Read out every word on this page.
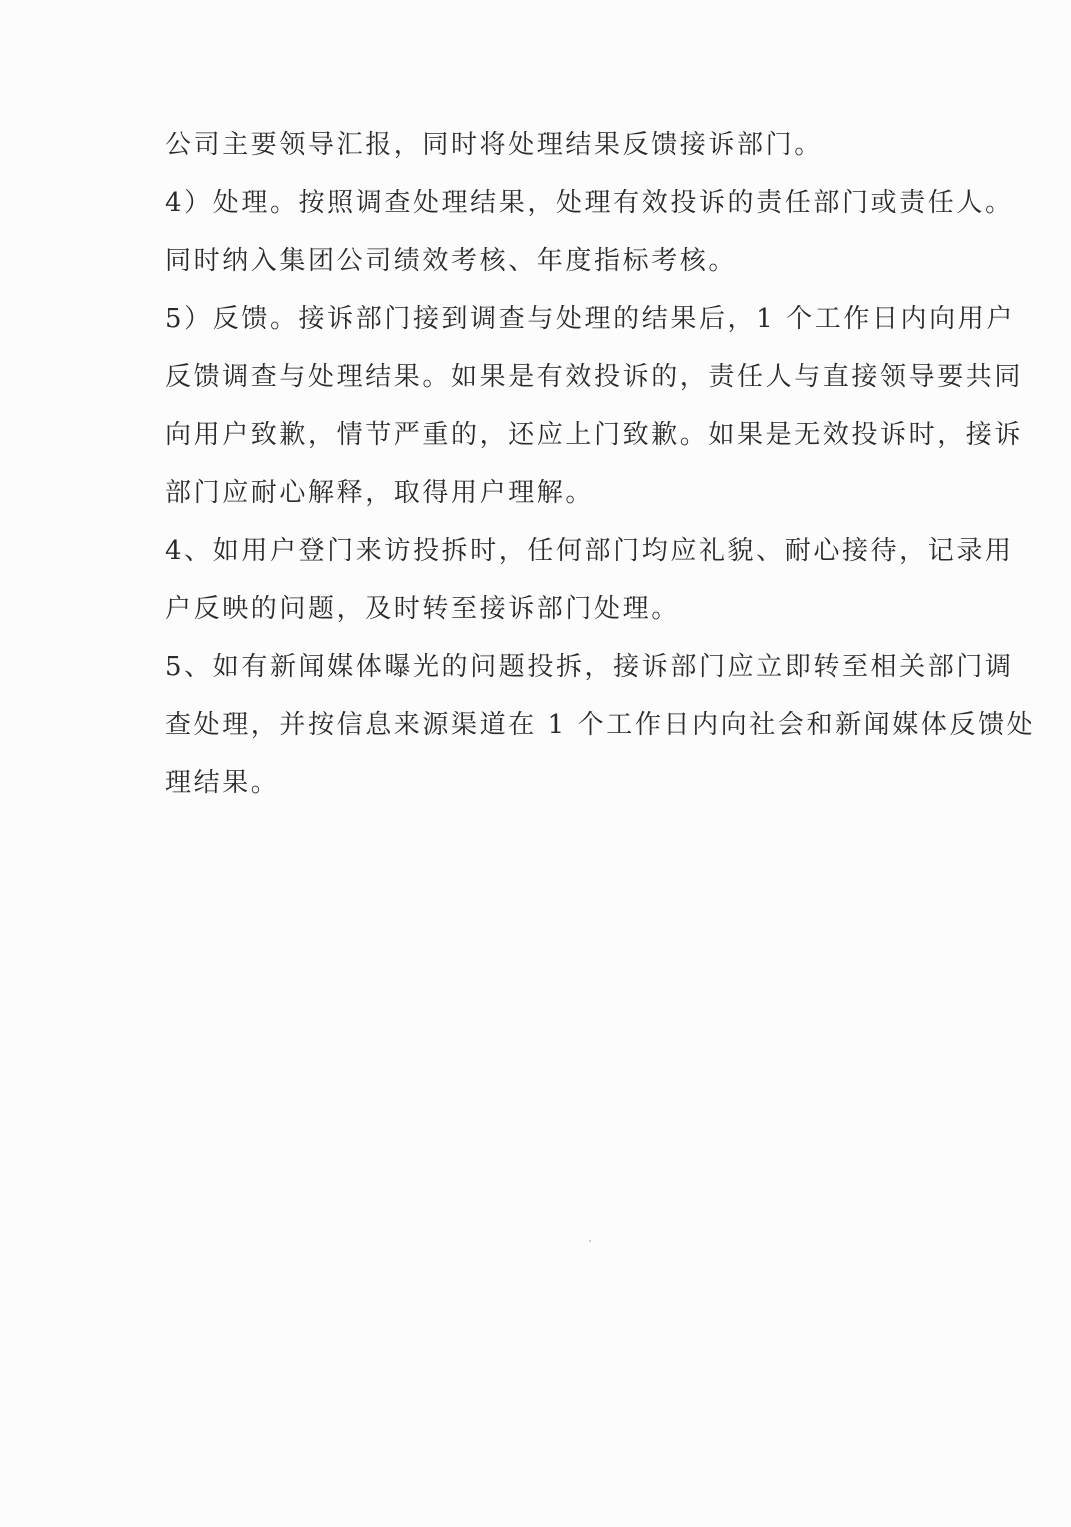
公司主要领导汇报，同时将处理结果反馈接诉部门。
4）处理。按照调查处理结果，处理有效投诉的责任部门或责任人。
同时纳入集团公司绩效考核、年度指标考核。
5）反馈。接诉部门接到调查与处理的结果后，1 个工作日内向用户
反馈调查与处理结果。如果是有效投诉的，责任人与直接领导要共同
向用户致歉，情节严重的，还应上门致歉。如果是无效投诉时，接诉
部门应耐心解释，取得用户理解。
4、如用户登门来访投拆时，任何部门均应礼貌、耐心接待，记录用
户反映的问题，及时转至接诉部门处理。
5、如有新闻媒体曝光的问题投拆，接诉部门应立即转至相关部门调
查处理，并按信息来源渠道在 1 个工作日内向社会和新闻媒体反馈处
理结果。
